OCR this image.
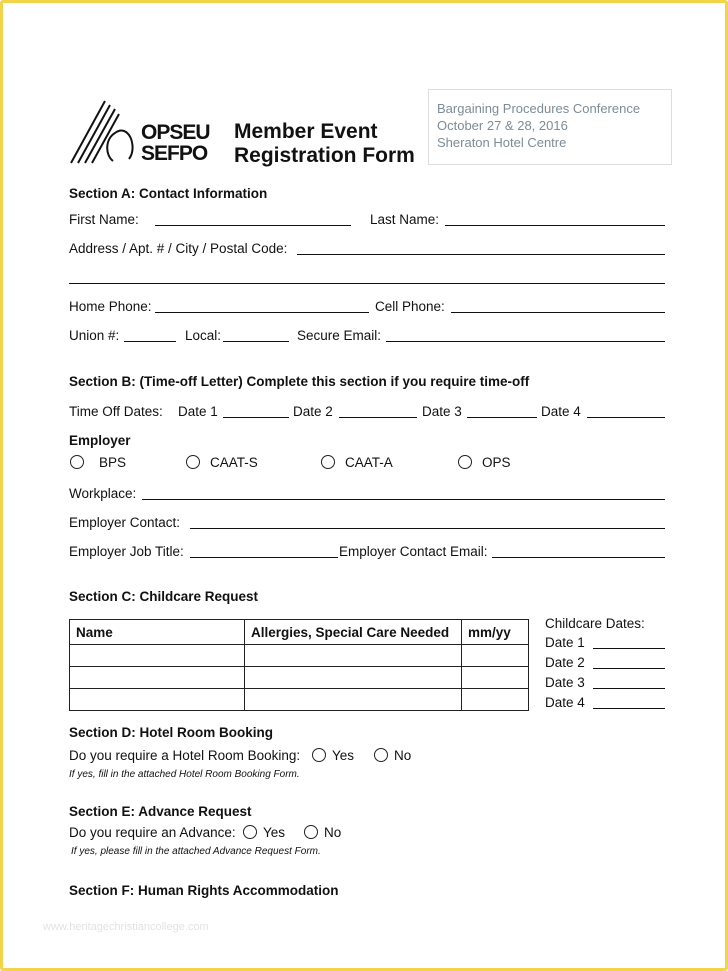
OPSEU
SEFPO
Member Event
Registration Form
Bargaining Procedures Conference
October 27 & 28, 2016
Sheraton Hotel Centre
Section A: Contact Information
First Name:	Last Name:
Address / Apt. # / City / Postal Code:
Home Phone:	Cell Phone:
Union #:	Local:	Secure Email:
Section B: (Time-off Letter) Complete this section if you require time-off
Time Off Dates: Date 1	Date 2	Date 3	Date 4
Employer
BPS	CAAT-S	CAAT-A	OPS
Workplace:
Employer Contact:
Employer Job Title:	Employer Contact Email:
Section C: Childcare Request
Name	Allergies, Special Care Needed	mm/yy

Childcare Dates:
Date 1
Date 2
Date 3
Date 4
Section D: Hotel Room Booking
Do you require a Hotel Room Booking: Yes	No
If yes, fill in the attached Hotel Room Booking Form.
Section E: Advance Request
Do you require an Advance: Yes	No
If yes, please fill in the attached Advance Request Form.
Section F: Human Rights Accommodation
www.heritagechristiancollege.com
